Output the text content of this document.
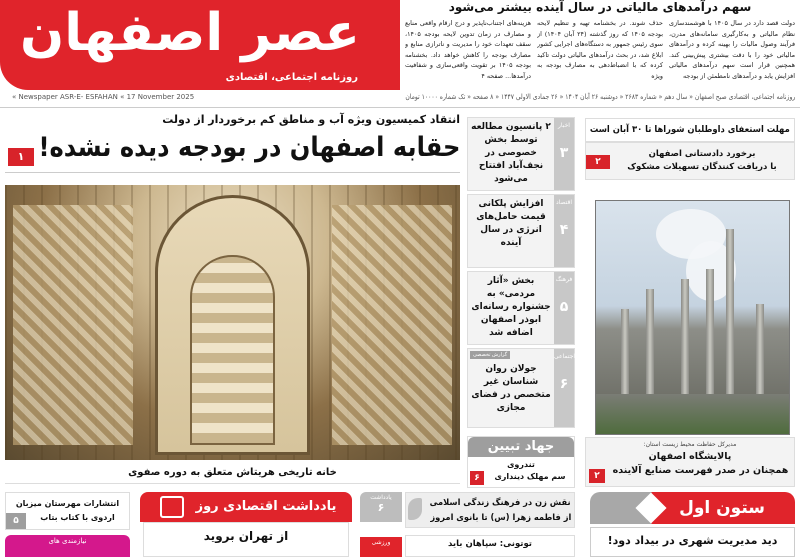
عصر اصفهان
روزنامه اجتماعی، اقتصادی
سهم درآمدهای مالیاتی در سال آینده بیشتر می‌شود
دولت قصد دارد در سال ۱۴۰۵ با هوشمندسازی نظام مالیاتی و به‌کارگیری سامانه‌های مدرن، فرآیند وصول مالیات را بهینه کرده و درآمدهای مالیاتی خود را با دقت بیشتری پیش‌بینی کند. همچنین قرار است سهم درآمدهای مالیاتی افزایش یابد و درآمدهای نامطمئن از بودجه
حذف شوند. در بخشنامه تهیه و تنظیم لایحه بودجه ۱۴۰۵ که روز گذشته (۲۴ آبان ۱۴۰۴) از سوی رئیس جمهور به دستگاه‌های اجرایی کشور ابلاغ شد، در بحث درآمدهای مالیاتی دولت تاکید کرده که با انضباط‌دهی به مصارف بودجه به ویژه
هزینه‌های اجتناب‌ناپذیر و درج ارقام واقعی منابع و مصارف در زمان تدوین لایحه بودجه ۱۴۰۵، سقف تعهدات خود را مدیریت و ناترازی منابع و مصارف بودجه را کاهش خواهد داد. بخشنامه بودجه ۱۴۰۵ بر تقویت واقعی‌سازی و شفافیت درآمدها... صفحه ۴
« Newspaper ASR-E- ESFAHAN « 17 November 2025	روزنامه اجتماعی، اقتصادی صبح اصفهان « سال دهم « شماره ۲۶۸۳ « دوشنبه ۲۶ آبان ۱۴۰۴ « ۲۶ جمادی الاولی ۱۴۴۷ « ۸ صفحه « تک شماره ۱۰۰۰۰ تومان
انتقاد کمیسیون ویژه آب و مناطق کم برخوردار از دولت
حقابه اصفهان در بودجه دیده نشده!
۱
خانه تاریخی هریتاش متعلق به دوره صفوی
اخبار
۳
۲ پانسیون مطالعه توسط بخش خصوصی در نجف‌آباد افتتاح می‌شود
اقتصاد
۴
افزایش پلکانی قیمت حامل‌های انرژی در سال آینده
فرهنگ
۵
بخش «آثار مردمی» به جشنواره رسانه‌ای ابوذر اصفهان اضافه شد
اجتماعی
۶
گزارش تخصصی
جولان روان شناسان غیر متخصص در فضای مجازی
جهاد تبیین
تندروی
سم مهلک دینداری
۶
مهلت استعفای داوطلبان شوراها تا ۳۰ آبان است
برخورد دادستانی اصفهان
با دریافت کنندگان تسهیلات مشکوک
۲
مدیرکل حفاظت محیط زیست استان:
پالایشگاه اصفهان
همچنان در صدر فهرست صنایع آلاینده
۲
انتشارات مهرستان میزبان
اردوی با کتاب بتاب
۵
نیازمندی های
یادداشت اقتصادی روز
از تهران بروید
یادداشت
۶
ورزشی
نقش زن در فرهنگ زندگی اسلامی
از فاطمه زهرا (س) تا بانوی امروز
توتونی: سپاهان باید
ستون اول
دید مدیریت شهری در بیداد دود!
